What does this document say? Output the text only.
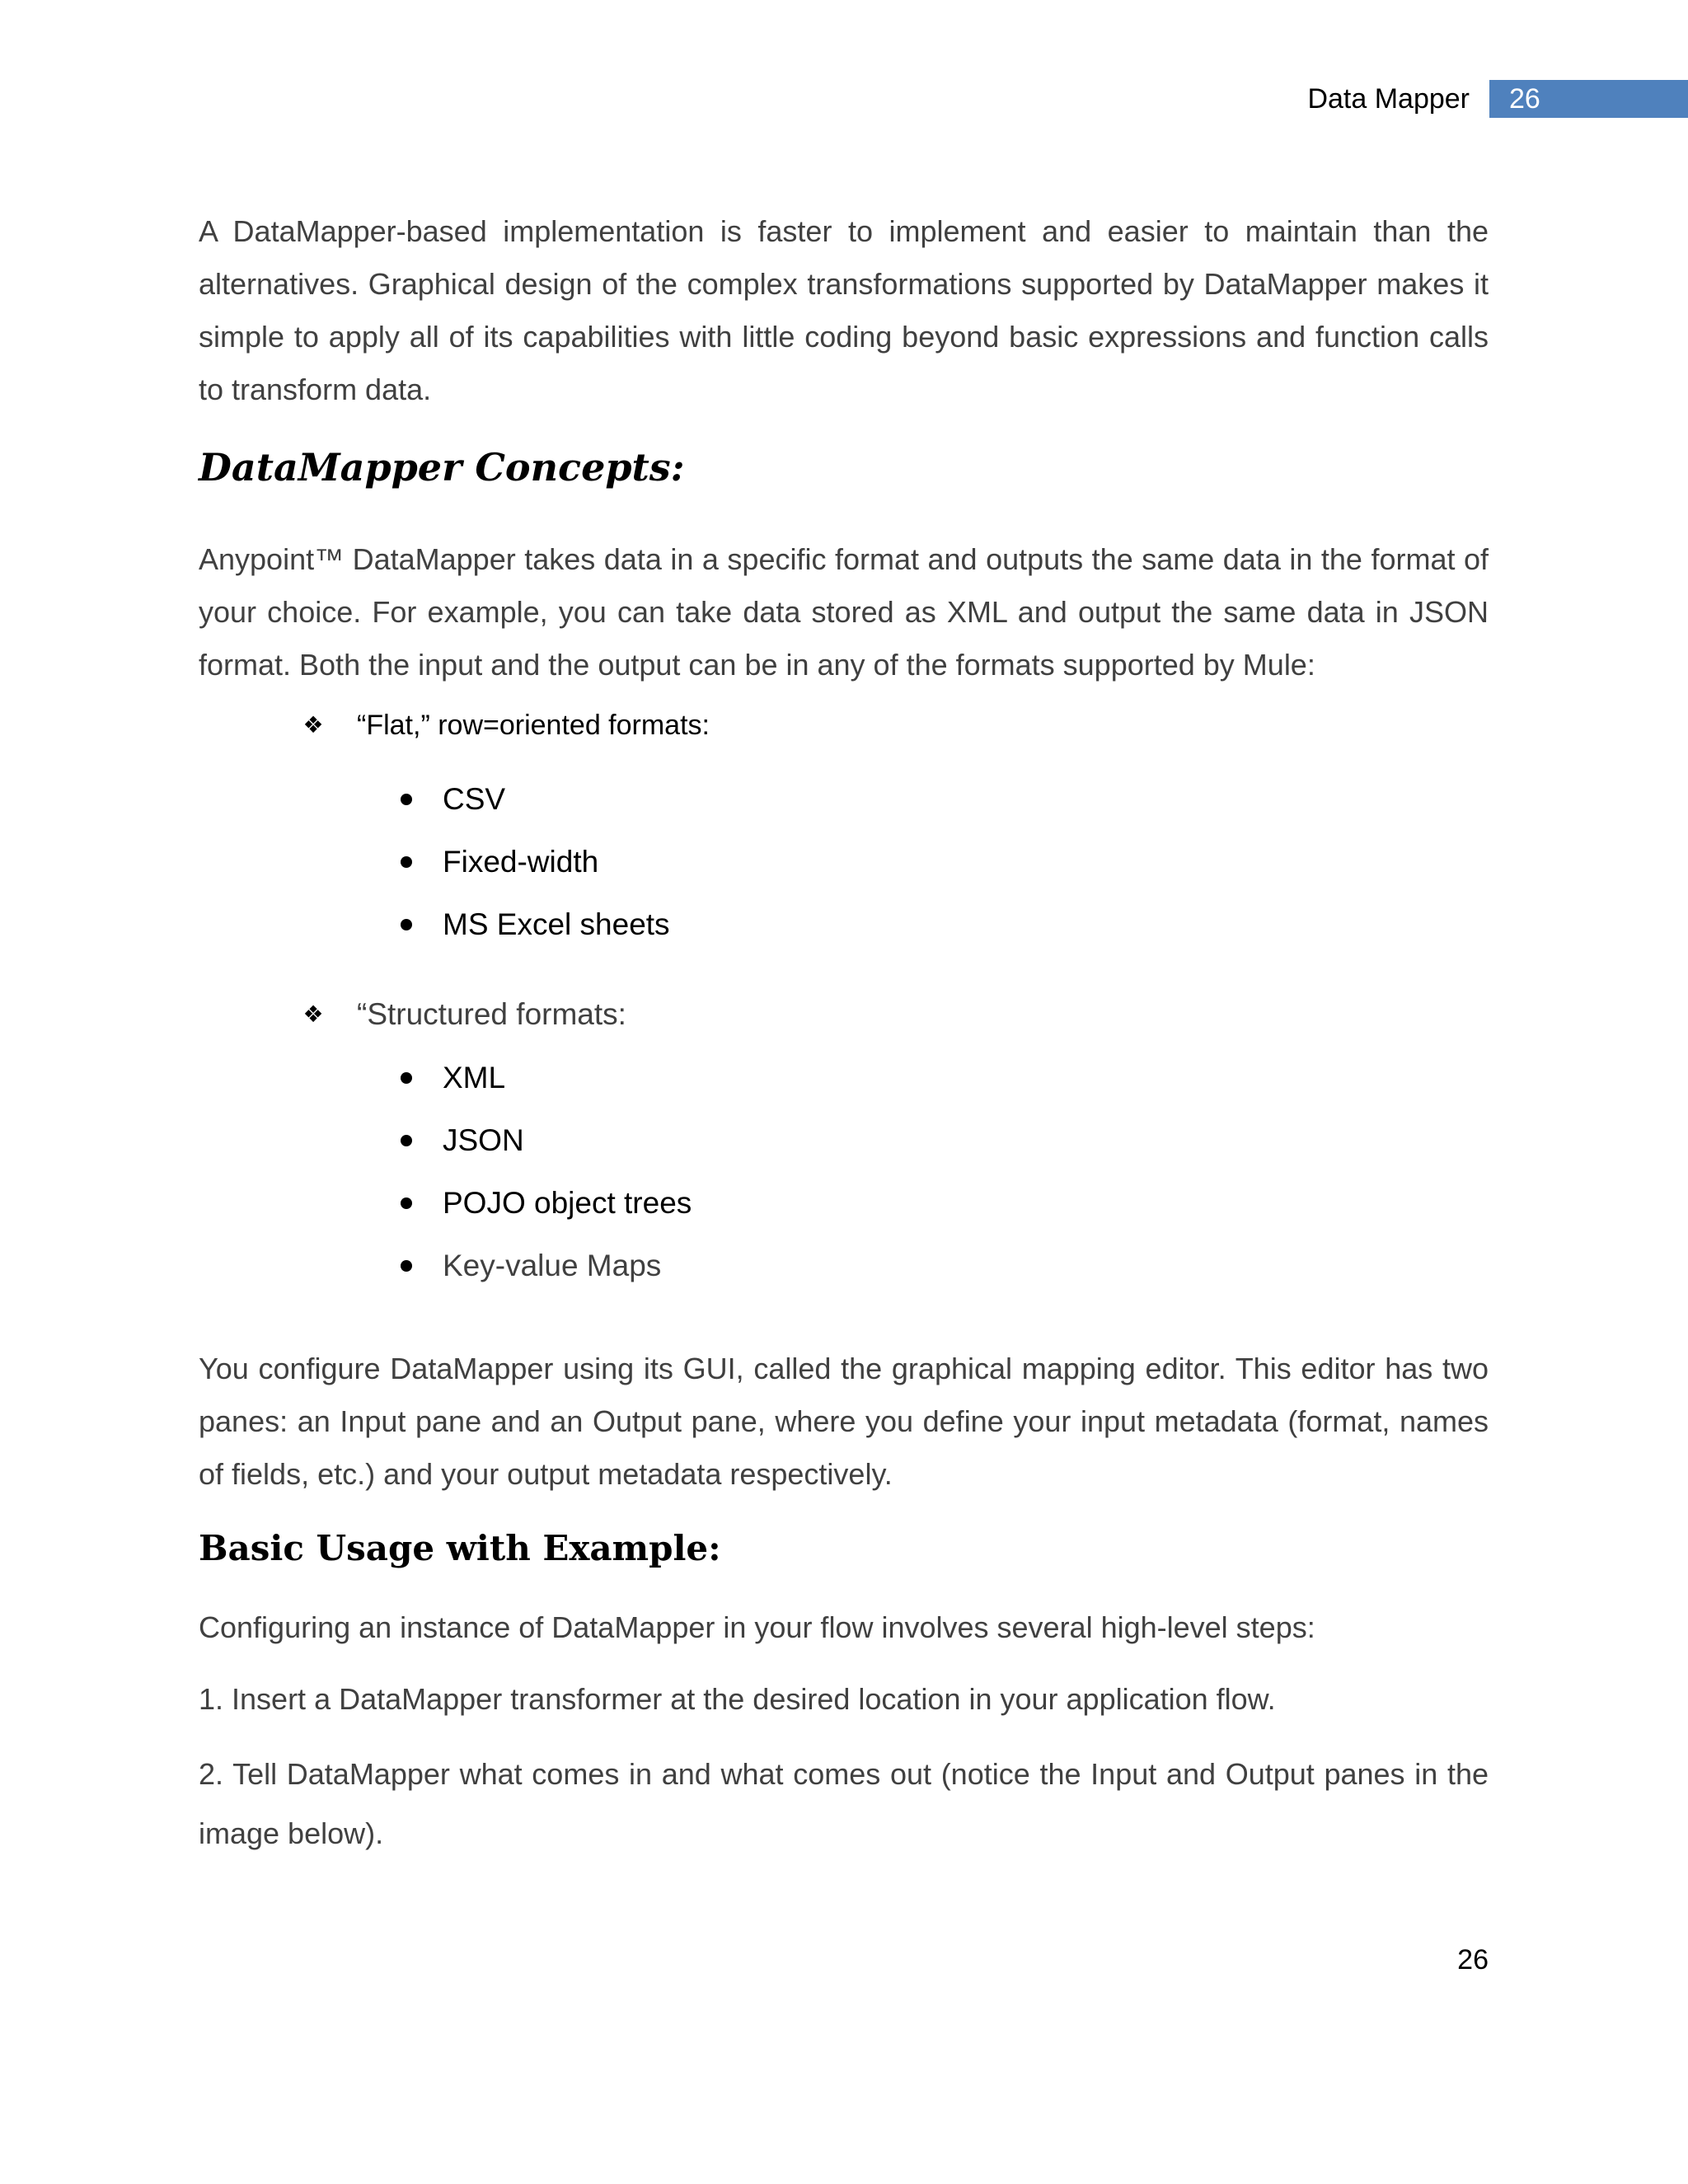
Data Mapper	26

A DataMapper-based implementation is faster to implement and easier to maintain than the alternatives. Graphical design of the complex transformations supported by DataMapper makes it simple to apply all of its capabilities with little coding beyond basic expressions and function calls to transform data.

DataMapper Concepts:

Anypoint™ DataMapper takes data in a specific format and outputs the same data in the format of your choice. For example, you can take data stored as XML and output the same data in JSON format. Both the input and the output can be in any of the formats supported by Mule:

❖ “Flat,” row=oriented formats:
CSV
Fixed-width
MS Excel sheets
❖ “Structured formats:
XML
JSON
POJO object trees
Key-value Maps

You configure DataMapper using its GUI, called the graphical mapping editor. This editor has two panes: an Input pane and an Output pane, where you define your input metadata (format, names of fields, etc.) and your output metadata respectively.

Basic Usage with Example:

Configuring an instance of DataMapper in your flow involves several high-level steps:

1. Insert a DataMapper transformer at the desired location in your application flow.

2. Tell DataMapper what comes in and what comes out (notice the Input and Output panes in the image below).

26
